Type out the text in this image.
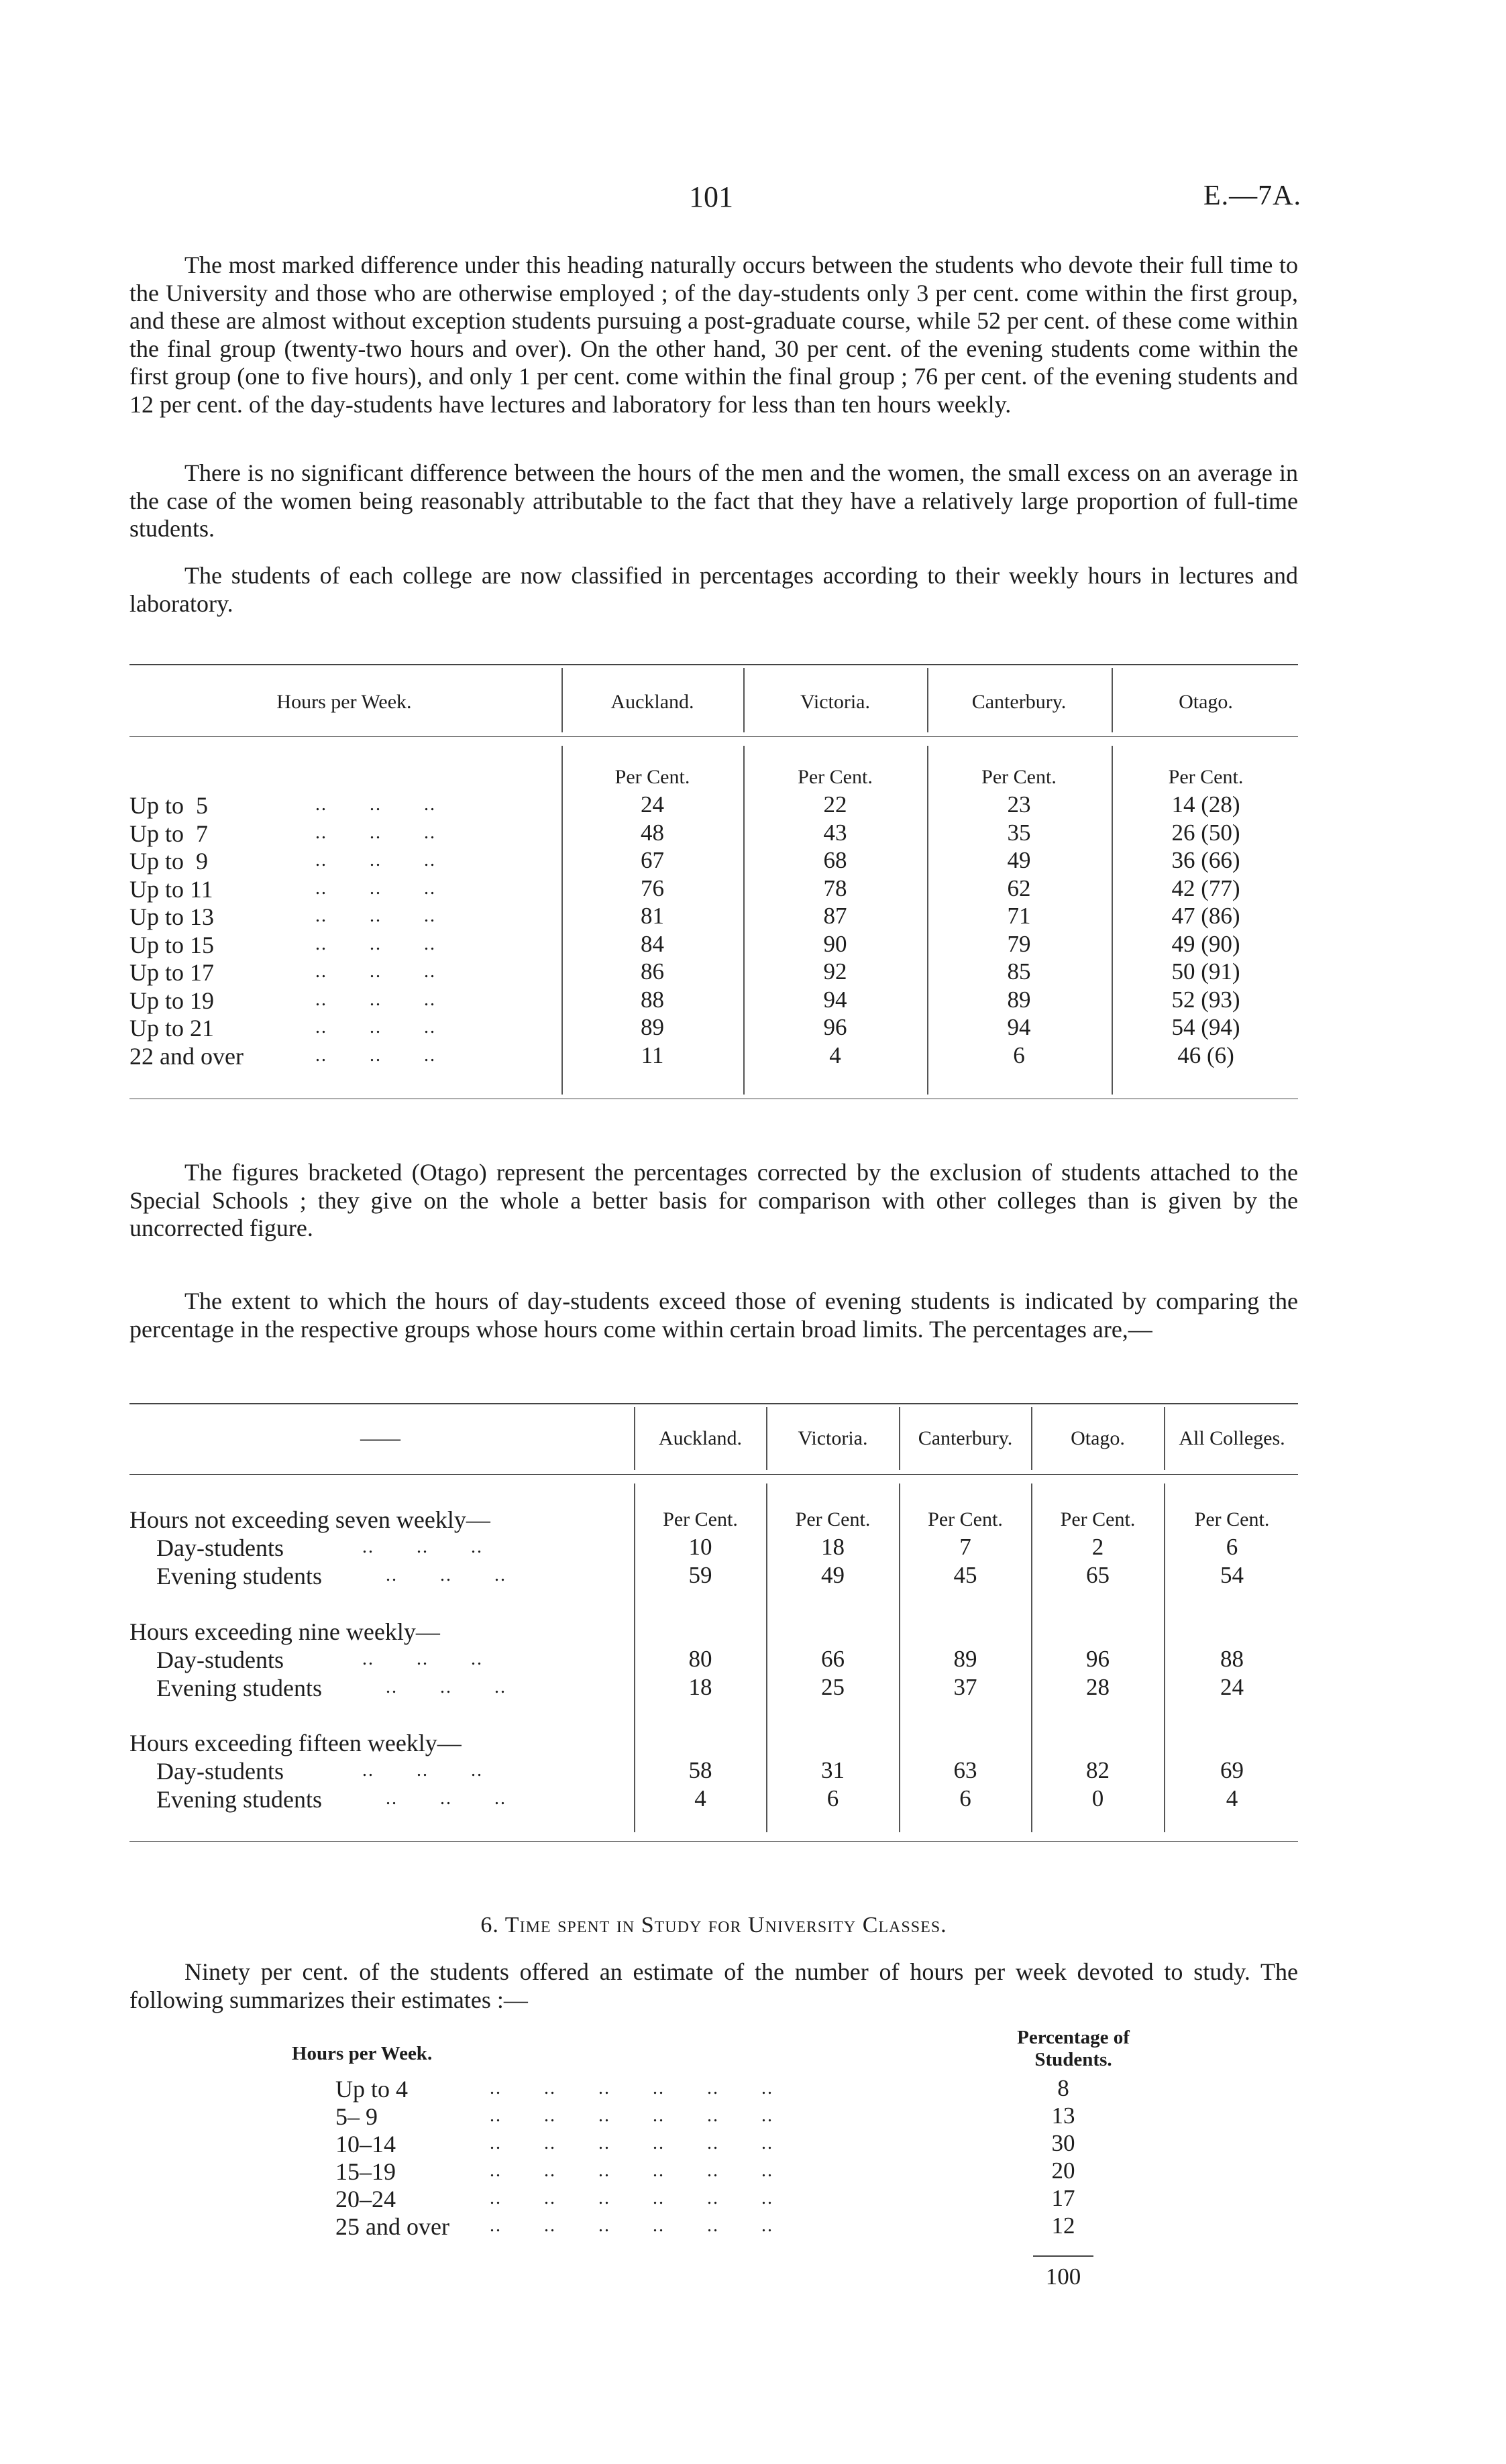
101	E.—7A.

The most marked difference under this heading naturally occurs between the students who devote their full time to the University and those who are otherwise employed ; of the day-students only 3 per cent. come within the first group, and these are almost without exception students pursuing a post-graduate course, while 52 per cent. of these come within the final group (twenty-two hours and over). On the other hand, 30 per cent. of the evening students come within the first group (one to five hours), and only 1 per cent. come within the final group ; 76 per cent. of the evening students and 12 per cent. of the day-students have lectures and laboratory for less than ten hours weekly.

There is no significant difference between the hours of the men and the women, the small excess on an average in the case of the women being reasonably attributable to the fact that they have a relatively large proportion of full-time students.

The students of each college are now classified in percentages according to their weekly hours in lectures and laboratory.

Hours per Week.	Auckland.	Victoria.	Canterbury.	Otago.
Per Cent.	Per Cent.	Per Cent.	Per Cent.
Up to  5	..       ..       ..	24	22	23	14 (28)
Up to  7	..       ..       ..	48	43	35	26 (50)
Up to  9	..       ..       ..	67	68	49	36 (66)
Up to 11	..       ..       ..	76	78	62	42 (77)
Up to 13	..       ..       ..	81	87	71	47 (86)
Up to 15	..       ..       ..	84	90	79	49 (90)
Up to 17	..       ..       ..	86	92	85	50 (91)
Up to 19	..       ..       ..	88	94	89	52 (93)
Up to 21	..       ..       ..	89	96	94	54 (94)
22 and over	..       ..       ..	11	4	6	46 (6)

The figures bracketed (Otago) represent the percentages corrected by the exclusion of students attached to the Special Schools ; they give on the whole a better basis for comparison with other colleges than is given by the uncorrected figure.

The extent to which the hours of day-students exceed those of evening students is indicated by comparing the percentage in the respective groups whose hours come within certain broad limits. The percentages are,—

——	Auckland.	Victoria.	Canterbury.	Otago.	All Colleges.
Per Cent.	Per Cent.	Per Cent.	Per Cent.	Per Cent.
Hours not exceeding seven weekly—
Day-students	..       ..       ..	10	18	7	2	6
Evening students	..       ..       ..	59	49	45	65	54
Hours exceeding nine weekly—
Day-students	..       ..       ..	80	66	89	96	88
Evening students	..       ..       ..	18	25	37	28	24
Hours exceeding fifteen weekly—
Day-students	..       ..       ..	58	31	63	82	69
Evening students	..       ..       ..	4	6	6	0	4
6. Time spent in Study for University Classes.

Ninety per cent. of the students offered an estimate of the number of hours per week devoted to study. The following summarizes their estimates :—

Hours per Week.
Percentage of
Students.
Up to 4	..       ..       ..       ..       ..       ..	8
5– 9	..       ..       ..       ..       ..       ..	13
10–14	..       ..       ..       ..       ..       ..	30
15–19	..       ..       ..       ..       ..       ..	20
20–24	..       ..       ..       ..       ..       ..	17
25 and over ..       ..       ..       ..       ..       ..	12
100
